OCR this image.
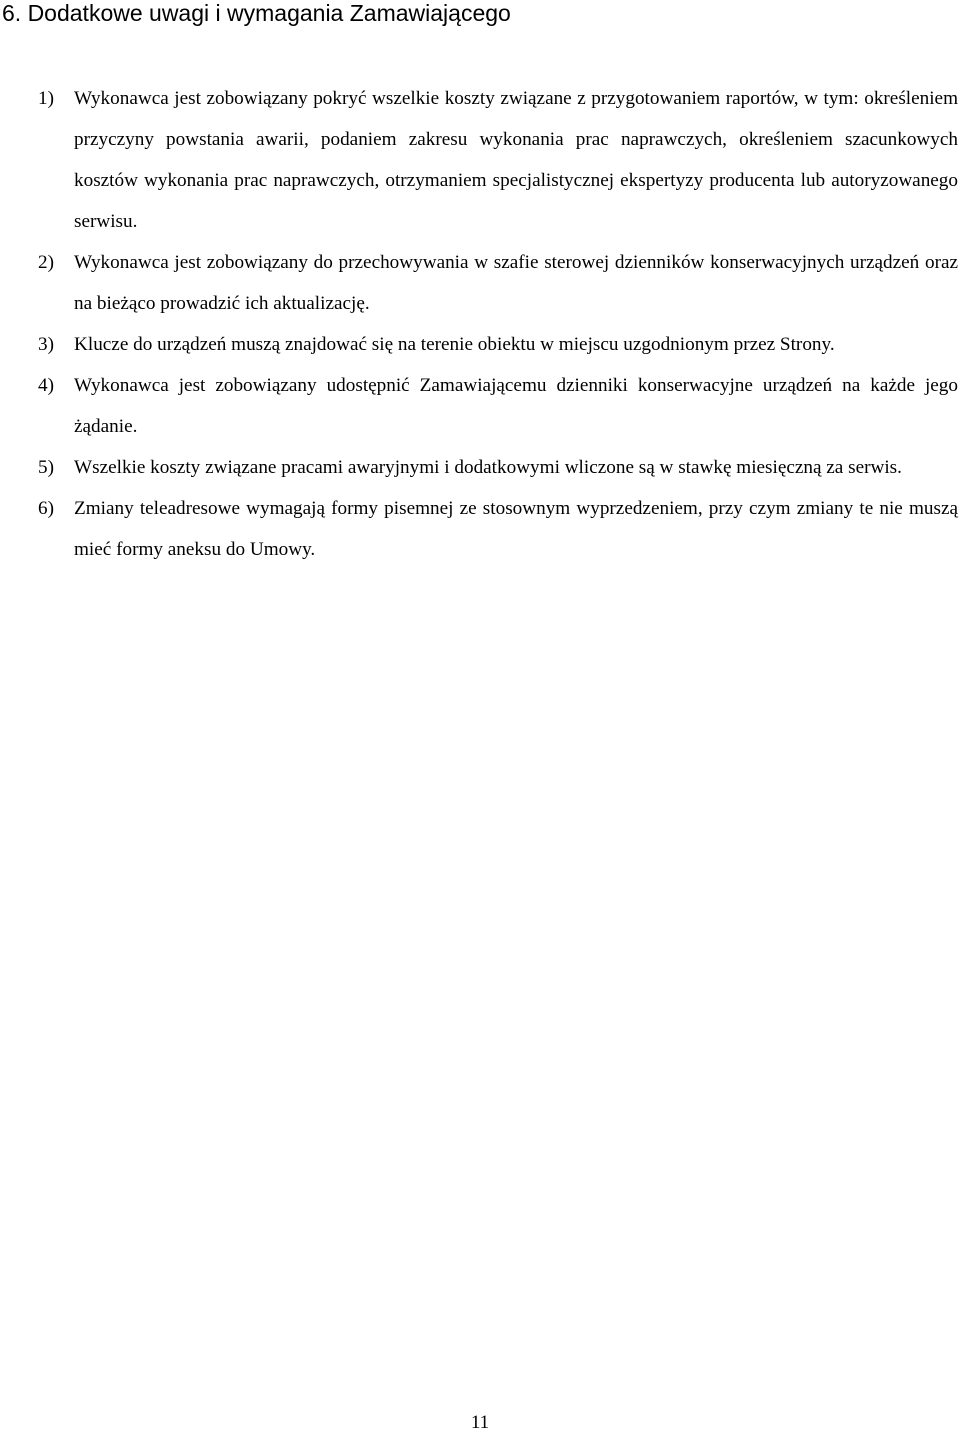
6. Dodatkowe uwagi i wymagania Zamawiającego
1)	Wykonawca jest zobowiązany pokryć wszelkie koszty związane z przygotowaniem raportów, w tym: określeniem przyczyny powstania awarii, podaniem zakresu wykonania prac naprawczych, określeniem szacunkowych kosztów wykonania prac naprawczych, otrzymaniem specjalistycznej ekspertyzy producenta lub autoryzowanego serwisu.
2)	Wykonawca jest zobowiązany do przechowywania w szafie sterowej dzienników konserwacyjnych urządzeń oraz na bieżąco prowadzić ich aktualizację.
3)	Klucze do urządzeń muszą znajdować się na terenie obiektu w miejscu uzgodnionym przez Strony.
4)	Wykonawca jest zobowiązany udostępnić Zamawiającemu dzienniki konserwacyjne urządzeń na każde jego żądanie.
5)	Wszelkie koszty związane pracami awaryjnymi i dodatkowymi wliczone są w stawkę miesięczną za serwis.
6)	Zmiany teleadresowe wymagają formy pisemnej ze stosownym wyprzedzeniem, przy czym zmiany te nie muszą mieć formy aneksu do Umowy.
11
